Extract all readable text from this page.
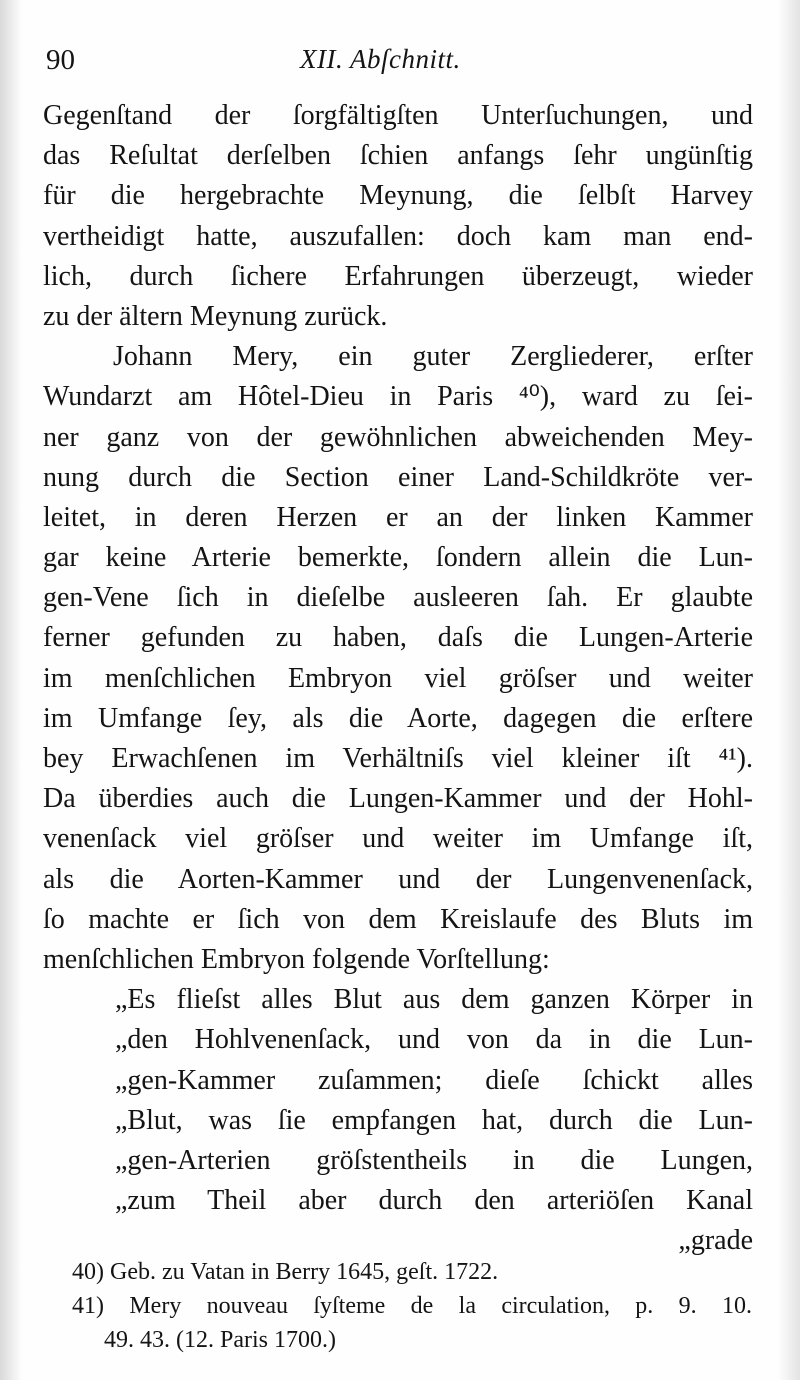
90	XII. Abſchnitt.
Gegenſtand der ſorgfältigſten Unterſuchungen, und
das Reſultat derſelben ſchien anfangs ſehr ungünſtig
für die hergebrachte Meynung, die ſelbſt Harvey
vertheidigt hatte, auszufallen: doch kam man end-
lich, durch ſichere Erfahrungen überzeugt, wieder
zu der ältern Meynung zurück.
Johann Mery, ein guter Zergliederer, erſter
Wundarzt am Hôtel-Dieu in Paris ⁴⁰), ward zu ſei-
ner ganz von der gewöhnlichen abweichenden Mey-
nung durch die Section einer Land-Schildkröte ver-
leitet, in deren Herzen er an der linken Kammer
gar keine Arterie bemerkte, ſondern allein die Lun-
gen-Vene ſich in dieſelbe ausleeren ſah. Er glaubte
ferner gefunden zu haben, daſs die Lungen-Arterie
im menſchlichen Embryon viel gröſser und weiter
im Umfange ſey, als die Aorte, dagegen die erſtere
bey Erwachſenen im Verhältniſs viel kleiner iſt ⁴¹).
Da überdies auch die Lungen-Kammer und der Hohl-
venenſack viel gröſser und weiter im Umfange iſt,
als die Aorten-Kammer und der Lungenvenenſack,
ſo machte er ſich von dem Kreislaufe des Bluts im
menſchlichen Embryon folgende Vorſtellung:
„Es flieſst alles Blut aus dem ganzen Körper in
„den Hohlvenenſack, und von da in die Lun-
„gen-Kammer zuſammen; dieſe ſchickt alles
„Blut, was ſie empfangen hat, durch die Lun-
„gen-Arterien gröſstentheils in die Lungen,
„zum Theil aber durch den arteriöſen Kanal
„grade
40) Geb. zu Vatan in Berry 1645, geſt. 1722.
41) Mery nouveau ſyſteme de la circulation, p. 9. 10.
49. 43. (12. Paris 1700.)
